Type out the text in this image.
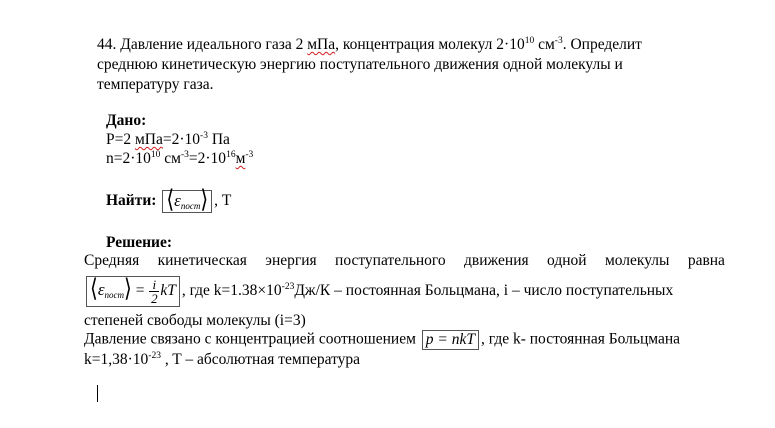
44. Давление идеального газа 2 мПа, концентрация молекул $2\cdot 10^{10}$ $см^{-3}$. Определит
среднюю кинетическую энергию поступательного движения одной молекулы и
температуру газа.
Дано:
P=2 $мПа=2\cdot 10^{-3}$ Па
$n=2\cdot 10^{10}$ $см^{-3}=2\cdot 10^{16}м^{-3}$
Найти: ⟨εпост⟩ , T
Решение:
Средняя кинетическая энергия поступательного движения одной молекулы равна
⟨εпост⟩ = $\frac{i}{2}$ kT , где $k=1.38\times 10^{-23}Дж/К$ – постоянная Больцмана, i – число поступательных
степеней свободы молекулы (i=3)
Давление связано с концентрацией соотношением p = nkT , где k- постоянная Больцмана
$k=1,38\cdot 10^{-23}$ , T – абсолютная температура
